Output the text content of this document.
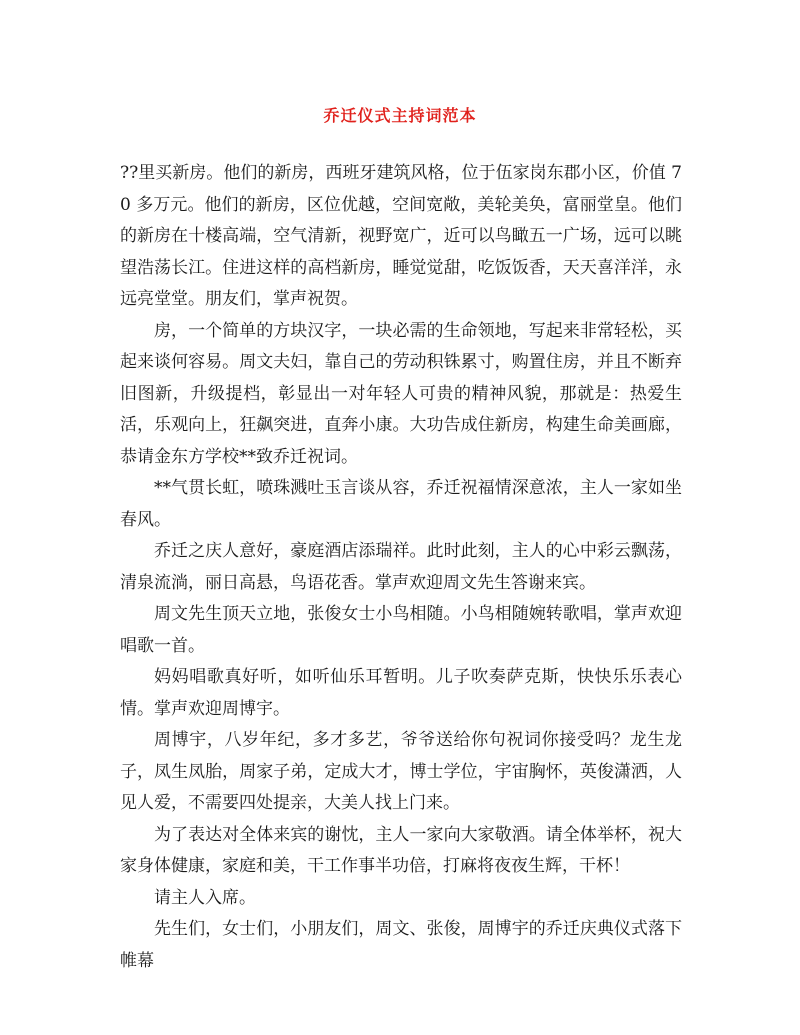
乔迁仪式主持词范本

??里买新房。他们的新房，西班牙建筑风格，位于伍家岗东郡小区，价值 70 多万元。他们的新房，区位优越，空间宽敞，美轮美奂，富丽堂皇。他们的新房在十楼高端，空气清新，视野宽广，近可以鸟瞰五一广场，远可以眺望浩荡长江。住进这样的高档新房，睡觉觉甜，吃饭饭香，天天喜洋洋，永远亮堂堂。朋友们，掌声祝贺。

房，一个简单的方块汉字，一块必需的生命领地，写起来非常轻松，买起来谈何容易。周文夫妇，靠自己的劳动积铢累寸，购置住房，并且不断弃旧图新，升级提档，彰显出一对年轻人可贵的精神风貌，那就是：热爱生活，乐观向上，狂飙突进，直奔小康。大功告成住新房，构建生命美画廊，恭请金东方学校**致乔迁祝词。

**气贯长虹，喷珠溅吐玉言谈从容，乔迁祝福情深意浓，主人一家如坐春风。

乔迁之庆人意好，豪庭酒店添瑞祥。此时此刻，主人的心中彩云飘荡，清泉流淌，丽日高悬，鸟语花香。掌声欢迎周文先生答谢来宾。

周文先生顶天立地，张俊女士小鸟相随。小鸟相随婉转歌唱，掌声欢迎唱歌一首。

妈妈唱歌真好听，如听仙乐耳暂明。儿子吹奏萨克斯，快快乐乐表心情。掌声欢迎周博宇。

周博宇，八岁年纪，多才多艺，爷爷送给你句祝词你接受吗？龙生龙子，凤生凤胎，周家子弟，定成大才，博士学位，宇宙胸怀，英俊潇洒，人见人爱，不需要四处提亲，大美人找上门来。

为了表达对全体来宾的谢忱，主人一家向大家敬酒。请全体举杯，祝大家身体健康，家庭和美，干工作事半功倍，打麻将夜夜生辉，干杯！

请主人入席。

先生们，女士们，小朋友们，周文、张俊，周博宇的乔迁庆典仪式落下帷幕
